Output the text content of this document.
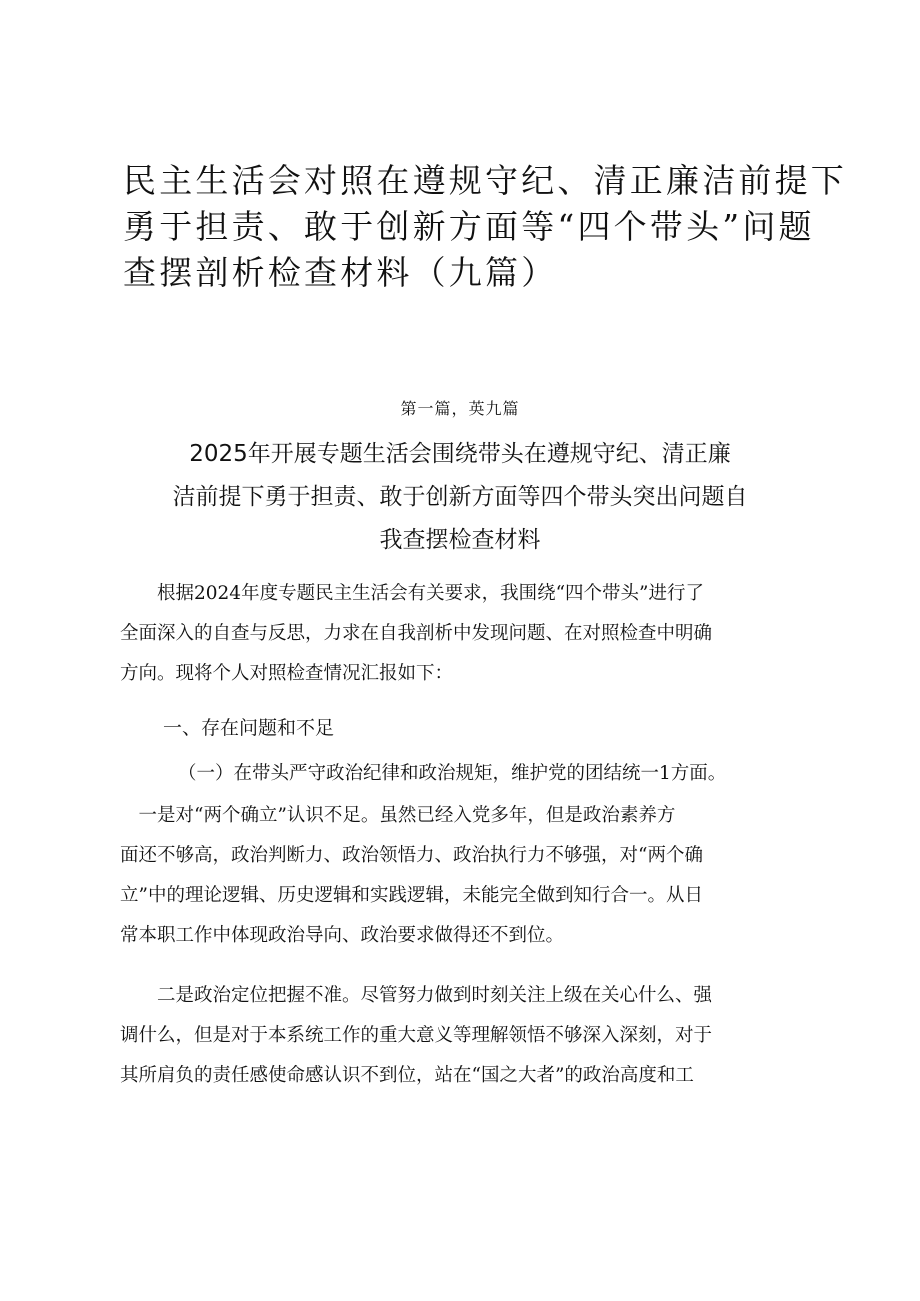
民主生活会对照在遵规守纪、清正廉洁前提下
勇于担责、敢于创新方面等“四个带头”问题
查摆剖析检查材料（九篇）
第一篇，英九篇
2025年开展专题生活会围绕带头在遵规守纪、清正廉
洁前提下勇于担责、敢于创新方面等四个带头突出问题自
我查摆检查材料
　　根据2024年度专题民主生活会有关要求，我围绕“四个带头”进行了
全面深入的自查与反思，力求在自我剖析中发现问题、在对照检查中明确
方向。现将个人对照检查情况汇报如下：
一、存在问题和不足
（一）在带头严守政治纪律和政治规矩，维护党的团结统一1方面。
　一是对“两个确立”认识不足。虽然已经入党多年，但是政治素养方
面还不够高，政治判断力、政治领悟力、政治执行力不够强，对“两个确
立”中的理论逻辑、历史逻辑和实践逻辑，未能完全做到知行合一。从日
常本职工作中体现政治导向、政治要求做得还不到位。
　　二是政治定位把握不准。尽管努力做到时刻关注上级在关心什么、强
调什么，但是对于本系统工作的重大意义等理解领悟不够深入深刻，对于
其所肩负的责任感使命感认识不到位，站在“国之大者”的政治高度和工
